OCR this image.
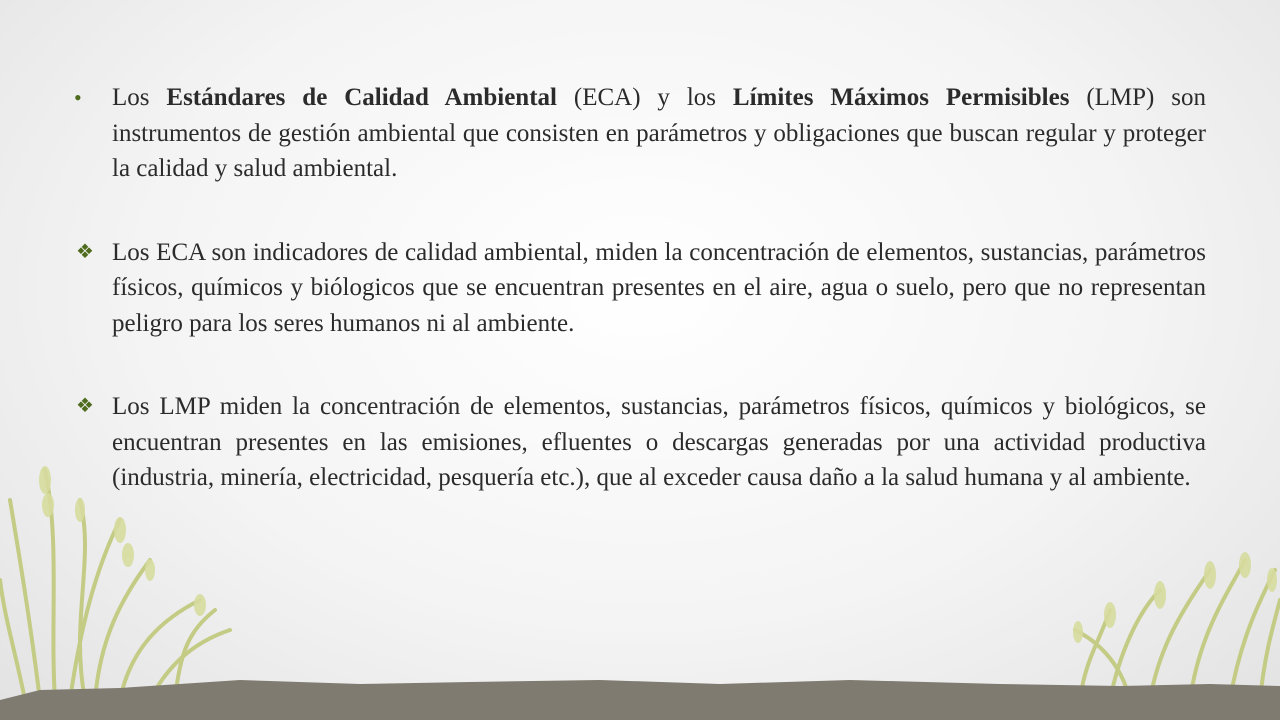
•	Los Estándares de Calidad Ambiental (ECA) y los Límites Máximos Permisibles (LMP) son instrumentos de gestión ambiental que consisten en parámetros y obligaciones que buscan regular y proteger la calidad y salud ambiental.
❖ Los ECA son indicadores de calidad ambiental, miden la concentración de elementos, sustancias, parámetros físicos, químicos y biólogicos que se encuentran presentes en el aire, agua o suelo, pero que no representan peligro para los seres humanos ni al ambiente.
❖ Los LMP miden la concentración de elementos, sustancias, parámetros físicos, químicos y biológicos, se encuentran presentes en las emisiones, efluentes o descargas generadas por una actividad productiva (industria, minería, electricidad, pesquería etc.), que al exceder causa daño a la salud humana y al ambiente.
